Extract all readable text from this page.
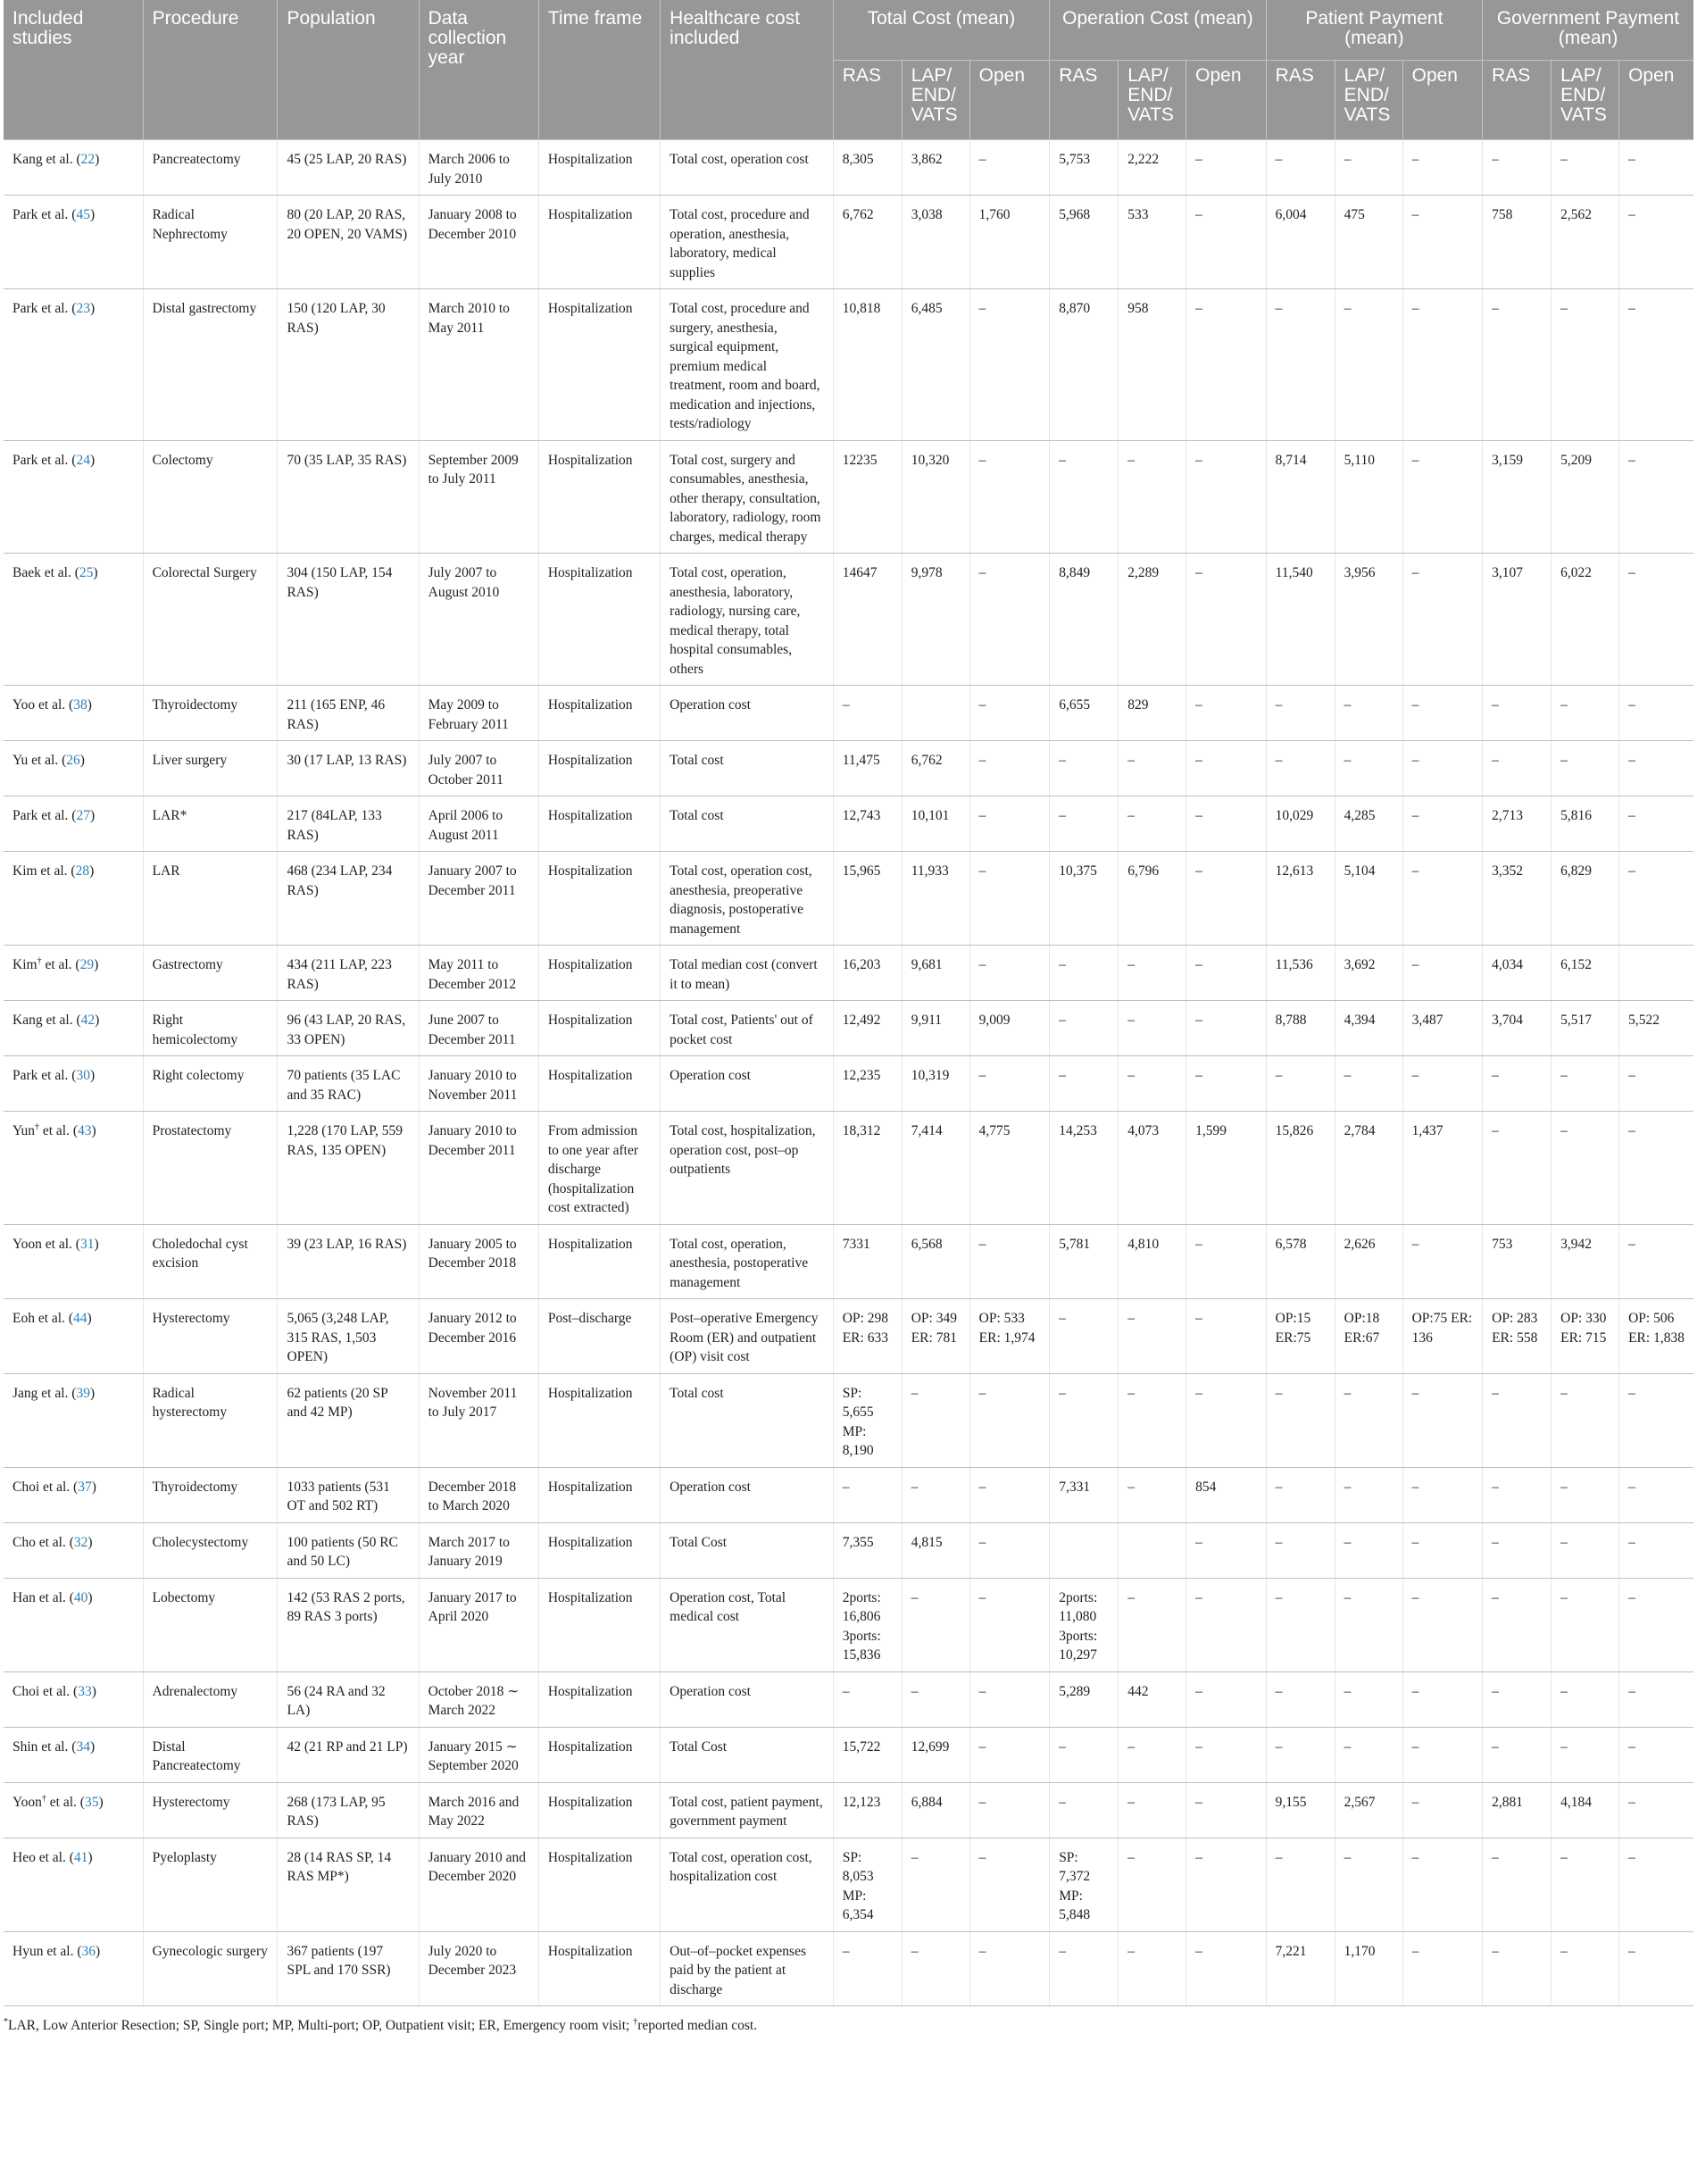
Included studies	Procedure	Population	Data collection year	Time frame	Healthcare cost included	Total Cost (mean)			Operation Cost (mean)			Patient Payment (mean)			Government Payment (mean)		
						RAS	LAP/ END/ VATS	Open	RAS	LAP/ END/ VATS	Open	RAS	LAP/ END/ VATS	Open	RAS	LAP/ END/ VATS	Open
Kang et al. (22)	Pancreatectomy	45 (25 LAP, 20 RAS)	March 2006 to July 2010	Hospitalization	Total cost, operation cost	8,305	3,862	–	5,753	2,222	–	–	–	–	–	–	–
Park et al. (45)	Radical Nephrectomy	80 (20 LAP, 20 RAS, 20 OPEN, 20 VAMS)	January 2008 to December 2010	Hospitalization	Total cost, procedure and operation, anesthesia, laboratory, medical supplies	6,762	3,038	1,760	5,968	533	–	6,004	475	–	758	2,562	–
Park et al. (23)	Distal gastrectomy	150 (120 LAP, 30 RAS)	March 2010 to May 2011	Hospitalization	Total cost, procedure and surgery, anesthesia, surgical equipment, premium medical treatment, room and board, medication and injections, tests/radiology	10,818	6,485	–	8,870	958	–	–	–	–	–	–	–
Park et al. (24)	Colectomy	70 (35 LAP, 35 RAS)	September 2009 to July 2011	Hospitalization	Total cost, surgery and consumables, anesthesia, other therapy, consultation, laboratory, radiology, room charges, medical therapy	12235	10,320	–	–	–	–	8,714	5,110	–	3,159	5,209	–
Baek et al. (25)	Colorectal Surgery	304 (150 LAP, 154 RAS)	July 2007 to August 2010	Hospitalization	Total cost, operation, anesthesia, laboratory, radiology, nursing care, medical therapy, total hospital consumables, others	14647	9,978	–	8,849	2,289	–	11,540	3,956	–	3,107	6,022	–
Yoo et al. (38)	Thyroidectomy	211 (165 ENP, 46 RAS)	May 2009 to February 2011	Hospitalization	Operation cost	–		–	6,655	829	–	–	–	–	–	–	–
Yu et al. (26)	Liver surgery	30 (17 LAP, 13 RAS)	July 2007 to October 2011	Hospitalization	Total cost	11,475	6,762	–	–	–	–	–	–	–	–	–	–
Park et al. (27)	LAR*	217 (84LAP, 133 RAS)	April 2006 to August 2011	Hospitalization	Total cost	12,743	10,101	–	–	–	–	10,029	4,285	–	2,713	5,816	–
Kim et al. (28)	LAR	468 (234 LAP, 234 RAS)	January 2007 to December 2011	Hospitalization	Total cost, operation cost, anesthesia, preoperative diagnosis, postoperative management	15,965	11,933	–	10,375	6,796	–	12,613	5,104	–	3,352	6,829	–
Kim† et al. (29)	Gastrectomy	434 (211 LAP, 223 RAS)	May 2011 to December 2012	Hospitalization	Total median cost (convert it to mean)	16,203	9,681	–	–	–	–	11,536	3,692	–	4,034	6,152	
Kang et al. (42)	Right hemicolectomy	96 (43 LAP, 20 RAS, 33 OPEN)	June 2007 to December 2011	Hospitalization	Total cost, Patients' out of pocket cost	12,492	9,911	9,009	–	–	–	8,788	4,394	3,487	3,704	5,517	5,522
Park et al. (30)	Right colectomy	70 patients (35 LAC and 35 RAC)	January 2010 to November 2011	Hospitalization	Operation cost	12,235	10,319	–	–	–	–	–	–	–	–	–	–
Yun† et al. (43)	Prostatectomy	1,228 (170 LAP, 559 RAS, 135 OPEN)	January 2010 to December 2011	From admission to one year after discharge (hospitalization cost extracted)	Total cost, hospitalization, operation cost, post–op outpatients	18,312	7,414	4,775	14,253	4,073	1,599	15,826	2,784	1,437	–	–	–
Yoon et al. (31)	Choledochal cyst excision	39 (23 LAP, 16 RAS)	January 2005 to December 2018	Hospitalization	Total cost, operation, anesthesia, postoperative management	7331	6,568	–	5,781	4,810	–	6,578	2,626	–	753	3,942	–
Eoh et al. (44)	Hysterectomy	5,065 (3,248 LAP, 315 RAS, 1,503 OPEN)	January 2012 to December 2016	Post–discharge	Post–operative Emergency Room (ER) and outpatient (OP) visit cost	OP: 298 ER: 633	OP: 349 ER: 781	OP: 533 ER: 1,974	–	–	–	OP:15 ER:75	OP:18 ER:67	OP:75 ER: 136	OP: 283 ER: 558	OP: 330 ER: 715	OP: 506 ER: 1,838
Jang et al. (39)	Radical hysterectomy	62 patients (20 SP and 42 MP)	November 2011 to July 2017	Hospitalization	Total cost	SP: 5,655 MP: 8,190	–	–	–	–	–	–	–	–	–	–	–
Choi et al. (37)	Thyroidectomy	1033 patients (531 OT and 502 RT)	December 2018 to March 2020	Hospitalization	Operation cost	–	–	–	7,331	–	854	–	–	–	–	–	–
Cho et al. (32)	Cholecystectomy	100 patients (50 RC and 50 LC)	March 2017 to January 2019	Hospitalization	Total Cost	7,355	4,815	–			–	–	–	–	–	–	–
Han et al. (40)	Lobectomy	142 (53 RAS 2 ports, 89 RAS 3 ports)	January 2017 to April 2020	Hospitalization	Operation cost, Total medical cost	2ports: 16,806 3ports: 15,836	–	–	2ports: 11,080 3ports: 10,297	–	–	–	–	–	–	–	–
Choi et al. (33)	Adrenalectomy	56 (24 RA and 32 LA)	October 2018 ∼ March 2022	Hospitalization	Operation cost	–	–	–	5,289	442	–	–	–	–	–	–	–
Shin et al. (34)	Distal Pancreatectomy	42 (21 RP and 21 LP)	January 2015 ∼ September 2020	Hospitalization	Total Cost	15,722	12,699	–	–	–	–	–	–	–	–	–	–
Yoon† et al. (35)	Hysterectomy	268 (173 LAP, 95 RAS)	March 2016 and May 2022	Hospitalization	Total cost, patient payment, government payment	12,123	6,884	–	–	–	–	9,155	2,567	–	2,881	4,184	–
Heo et al. (41)	Pyeloplasty	28 (14 RAS SP, 14 RAS MP*)	January 2010 and December 2020	Hospitalization	Total cost, operation cost, hospitalization cost	SP: 8,053 MP: 6,354	–	–	SP: 7,372 MP: 5,848	–	–	–	–	–	–	–	–
Hyun et al. (36)	Gynecologic surgery	367 patients (197 SPL and 170 SSR)	July 2020 to December 2023	Hospitalization	Out–of–pocket expenses paid by the patient at discharge	–	–	–	–	–	–	7,221	1,170	–	–	–	–
*LAR, Low Anterior Resection; SP, Single port; MP, Multi-port; OP, Outpatient visit; ER, Emergency room visit; †reported median cost.
